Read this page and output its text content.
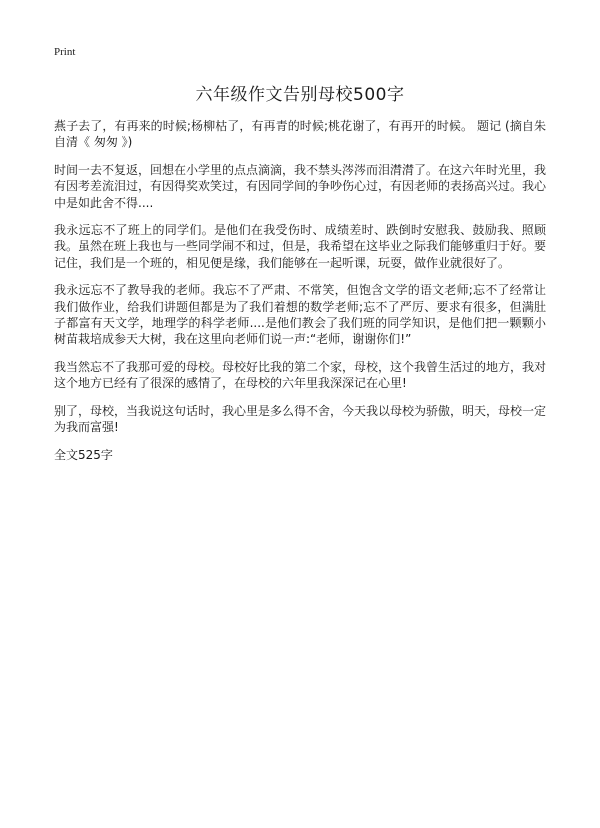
Print
六年级作文告别母校500字

燕子去了，有再来的时候;杨柳枯了，有再青的时候;桃花谢了，有再开的时候。 题记 (摘自朱自清《 匆匆 》)

时间一去不复返，回想在小学里的点点滴滴，我不禁头涔涔而泪潸潸了。在这六年时光里，我有因考差流泪过，有因得奖欢笑过，有因同学间的争吵伤心过，有因老师的表扬高兴过。我心中是如此舍不得....

我永远忘不了班上的同学们。是他们在我受伤时、成绩差时、跌倒时安慰我、鼓励我、照顾我。虽然在班上我也与一些同学闹不和过，但是，我希望在这毕业之际我们能够重归于好。要记住，我们是一个班的，相见便是缘，我们能够在一起听课，玩耍，做作业就很好了。

我永远忘不了教导我的老师。我忘不了严肃、不常笑，但饱含文学的语文老师;忘不了经常让我们做作业，给我们讲题但都是为了我们着想的数学老师;忘不了严厉、要求有很多，但满肚子都富有天文学，地理学的科学老师....是他们教会了我们班的同学知识，是他们把一颗颗小树苗栽培成参天大树，我在这里向老师们说一声:“老师，谢谢你们!”

我当然忘不了我那可爱的母校。母校好比我的第二个家，母校，这个我曾生活过的地方，我对这个地方已经有了很深的感情了，在母校的六年里我深深记在心里!

别了，母校，当我说这句话时，我心里是多么得不舍，今天我以母校为骄傲，明天，母校一定为我而富强!

全文525字
